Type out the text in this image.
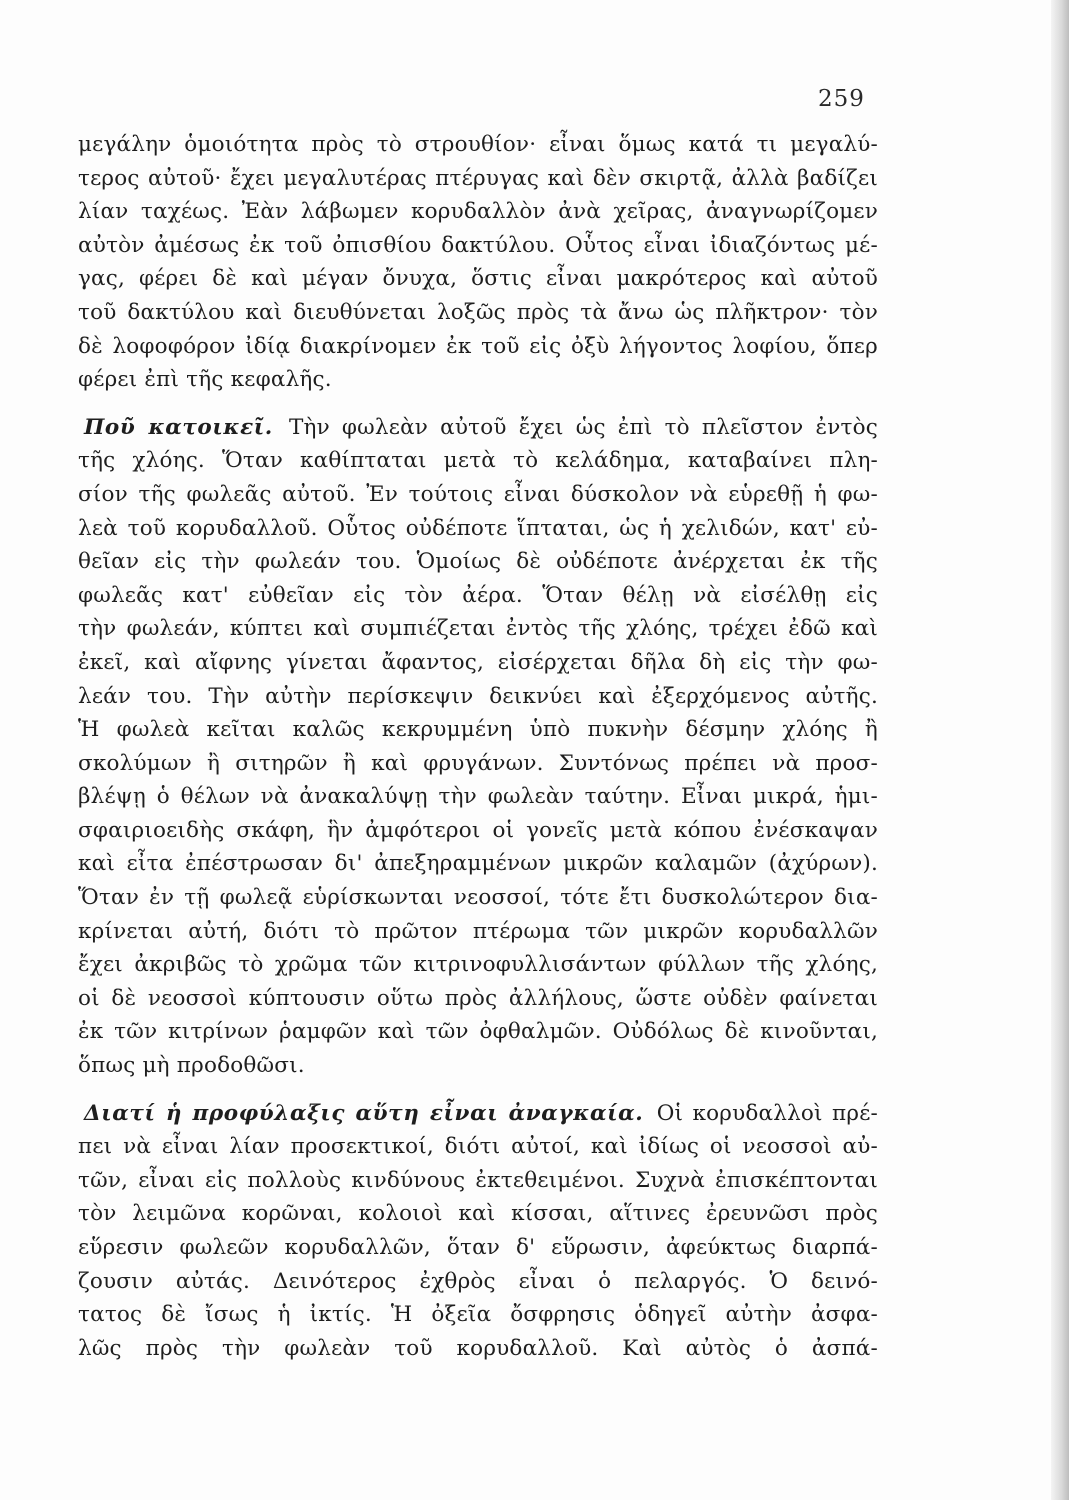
259
μεγάλην ὁμοιότητα πρὸς τὸ στρουθίον· εἶναι ὅμως κατά τι μεγαλύ-
τερος αὐτοῦ· ἔχει μεγαλυτέρας πτέρυγας καὶ δὲν σκιρτᾷ, ἀλλὰ βαδίζει
λίαν ταχέως. Ἐὰν λάβωμεν κορυδαλλὸν ἀνὰ χεῖρας, ἀναγνωρίζομεν
αὐτὸν ἀμέσως ἐκ τοῦ ὀπισθίου δακτύλου. Οὗτος εἶναι ἰδιαζόντως μέ-
γας, φέρει δὲ καὶ μέγαν ὄνυχα, ὅστις εἶναι μακρότερος καὶ αὐτοῦ
τοῦ δακτύλου καὶ διευθύνεται λοξῶς πρὸς τὰ ἄνω ὡς πλῆκτρον· τὸν
δὲ λοφοφόρον ἰδίᾳ διακρίνομεν ἐκ τοῦ εἰς ὀξὺ λήγοντος λοφίου, ὅπερ
φέρει ἐπὶ τῆς κεφαλῆς.
Ποῦ κατοικεῖ. Τὴν φωλεὰν αὐτοῦ ἔχει ὡς ἐπὶ τὸ πλεῖστον ἐντὸς
τῆς χλόης. Ὅταν καθίπταται μετὰ τὸ κελάδημα, καταβαίνει πλη-
σίον τῆς φωλεᾶς αὐτοῦ. Ἐν τούτοις εἶναι δύσκολον νὰ εὑρεθῇ ἡ φω-
λεὰ τοῦ κορυδαλλοῦ. Οὗτος οὐδέποτε ἵπταται, ὡς ἡ χελιδών, κατ' εὐ-
θεῖαν εἰς τὴν φωλεάν του. Ὁμοίως δὲ οὐδέποτε ἀνέρχεται ἐκ τῆς
φωλεᾶς κατ' εὐθεῖαν εἰς τὸν ἀέρα. Ὅταν θέλῃ νὰ εἰσέλθῃ εἰς
τὴν φωλεάν, κύπτει καὶ συμπιέζεται ἐντὸς τῆς χλόης, τρέχει ἐδῶ καὶ
ἐκεῖ, καὶ αἴφνης γίνεται ἄφαντος, εἰσέρχεται δῆλα δὴ εἰς τὴν φω-
λεάν του. Τὴν αὐτὴν περίσκεψιν δεικνύει καὶ ἐξερχόμενος αὐτῆς.
Ἡ φωλεὰ κεῖται καλῶς κεκρυμμένη ὑπὸ πυκνὴν δέσμην χλόης ἢ
σκολύμων ἢ σιτηρῶν ἢ καὶ φρυγάνων. Συντόνως πρέπει νὰ προσ-
βλέψῃ ὁ θέλων νὰ ἀνακαλύψῃ τὴν φωλεὰν ταύτην. Εἶναι μικρά, ἡμι-
σφαιριοειδὴς σκάφη, ἣν ἀμφότεροι οἱ γονεῖς μετὰ κόπου ἐνέσκαψαν
καὶ εἶτα ἐπέστρωσαν δι' ἀπεξηραμμένων μικρῶν καλαμῶν (ἀχύρων).
Ὅταν ἐν τῇ φωλεᾷ εὑρίσκωνται νεοσσοί, τότε ἔτι δυσκολώτερον δια-
κρίνεται αὐτή, διότι τὸ πρῶτον πτέρωμα τῶν μικρῶν κορυδαλλῶν
ἔχει ἀκριβῶς τὸ χρῶμα τῶν κιτρινοφυλλισάντων φύλλων τῆς χλόης,
οἱ δὲ νεοσσοὶ κύπτουσιν οὕτω πρὸς ἀλλήλους, ὥστε οὐδὲν φαίνεται
ἐκ τῶν κιτρίνων ῥαμφῶν καὶ τῶν ὀφθαλμῶν. Οὐδόλως δὲ κινοῦνται,
ὅπως μὴ προδοθῶσι.
Διατί ἡ προφύλαξις αὕτη εἶναι ἀναγκαία. Οἱ κορυδαλλοὶ πρέ-
πει νὰ εἶναι λίαν προσεκτικοί, διότι αὐτοί, καὶ ἰδίως οἱ νεοσσοὶ αὐ-
τῶν, εἶναι εἰς πολλοὺς κινδύνους ἐκτεθειμένοι. Συχνὰ ἐπισκέπτονται
τὸν λειμῶνα κορῶναι, κολοιοὶ καὶ κίσσαι, αἵτινες ἐρευνῶσι πρὸς
εὕρεσιν φωλεῶν κορυδαλλῶν, ὅταν δ' εὕρωσιν, ἀφεύκτως διαρπά-
ζουσιν αὐτάς. Δεινότερος ἐχθρὸς εἶναι ὁ πελαργός. Ὁ δεινό-
τατος δὲ ἴσως ἡ ἰκτίς. Ἡ ὀξεῖα ὄσφρησις ὁδηγεῖ αὐτὴν ἀσφα-
λῶς πρὸς τὴν φωλεὰν τοῦ κορυδαλλοῦ. Καὶ αὐτὸς ὁ ἀσπά-
